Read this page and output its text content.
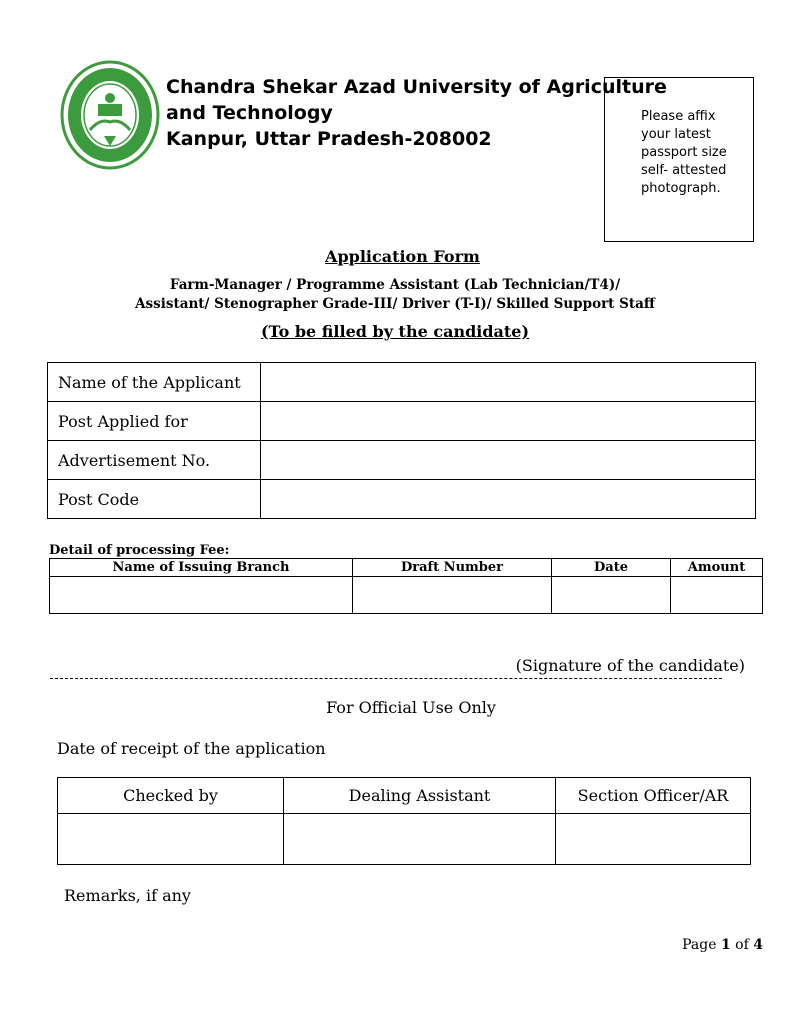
Chandra Shekar Azad University of Agriculture
and Technology
Kanpur, Uttar Pradesh-208002
Please affix
your latest
passport size
self- attested
photograph.
Application Form
Farm-Manager / Programme Assistant (Lab Technician/T4)/
Assistant/ Stenographer Grade-III/ Driver (T-I)/ Skilled Support Staff
(To be filled by the candidate)
Name of the Applicant	
Post Applied for	
Advertisement No.	
Post Code	
Detail of processing Fee:
Name of Issuing Branch	Draft Number	Date	Amount

(Signature of the candidate)
For Official Use Only
Date of receipt of the application
Checked by	Dealing Assistant	Section Officer/AR

Remarks, if any
Page 1 of 4
